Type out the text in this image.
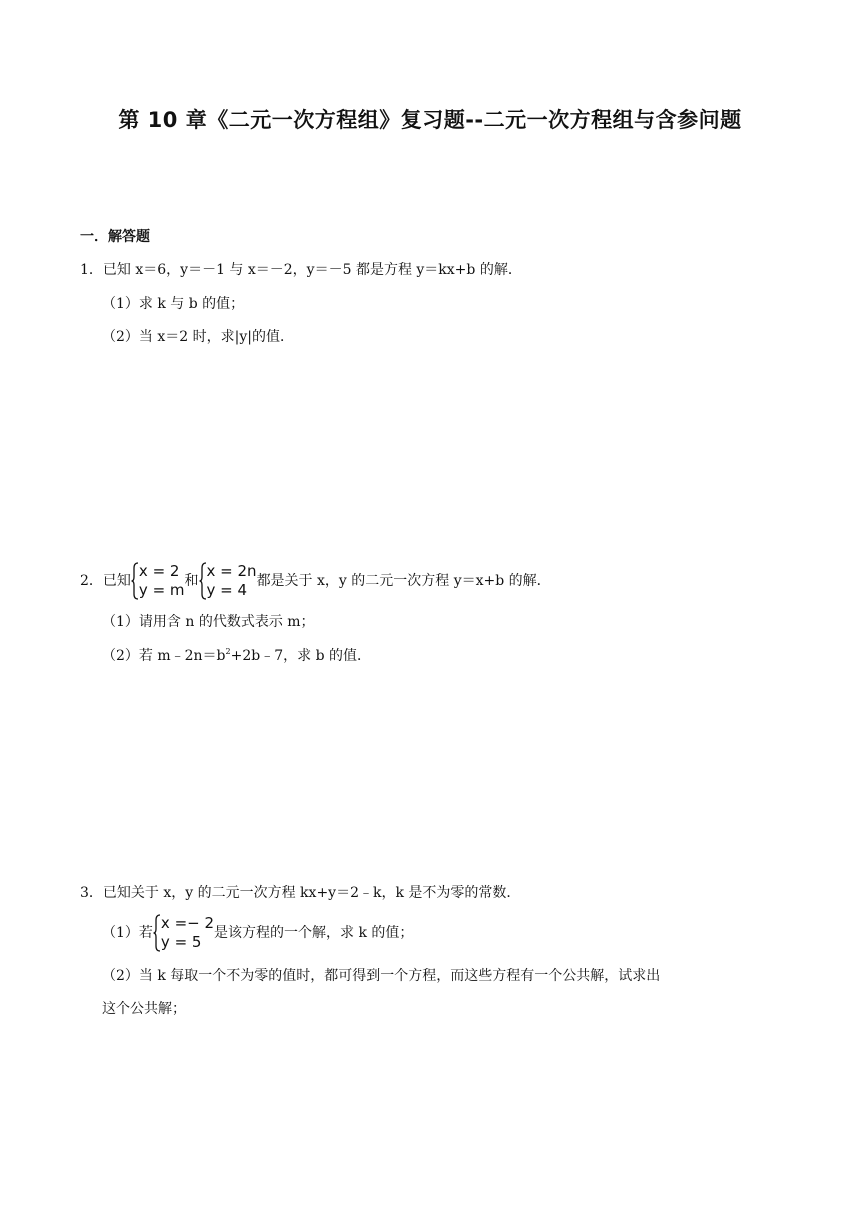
第 10 章《二元一次方程组》复习题--二元一次方程组与含参问题
一．解答题
1．已知 x＝6，y＝－1 与 x＝－2，y＝－5 都是方程 y＝kx+b 的解．
（1）求 k 与 b 的值；
（2）当 x＝2 时，求|y|的值．
2．已知
x = 2
y = m 和
x = 2n
y = 4 都是关于 x，y 的二元一次方程 y＝x+b 的解．
（1）请用含 n 的代数式表示 m；
（2）若 $m﹣2n=b^2+2b﹣7$，求 b 的值．
3．已知关于 x，y 的二元一次方程 kx+y＝2﹣k，k 是不为零的常数．
（1）若
x =− 2
y = 5 是该方程的一个解，求 k 的值；
（2）当 k 每取一个不为零的值时，都可得到一个方程，而这些方程有一个公共解，试求出
这个公共解；
